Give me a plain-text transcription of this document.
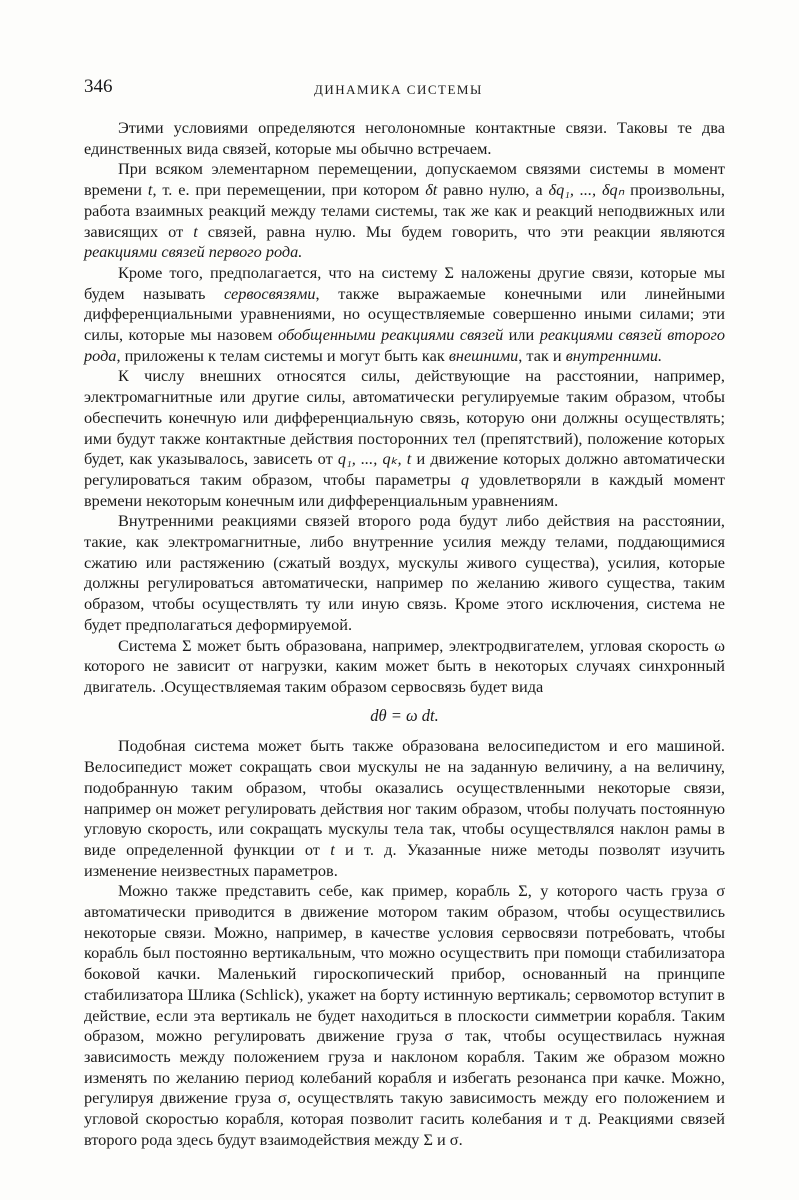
346	ДИНАМИКА СИСТЕМЫ

Этими условиями определяются неголономные контактные связи. Таковы те два единственных вида связей, которые мы обычно встречаем.

При всяком элементарном перемещении, допускаемом связями системы в момент времени t, т. е. при перемещении, при котором δt равно нулю, а δq₁, ..., δqₙ произвольны, работа взаимных реакций между телами системы, так же как и реакций неподвижных или зависящих от t связей, равна нулю. Мы будем говорить, что эти реакции являются реакциями связей первого рода.

Кроме того, предполагается, что на систему Σ наложены другие связи, которые мы будем называть сервосвязями, также выражаемые конечными или линейными дифференциальными уравнениями, но осуществляемые совершенно иными силами; эти силы, которые мы назовем обобщенными реакциями связей или реакциями связей второго рода, приложены к телам системы и могут быть как внешними, так и внутренними.

К числу внешних относятся силы, действующие на расстоянии, например, электромагнитные или другие силы, автоматически регулируемые таким образом, чтобы обеспечить конечную или дифференциальную связь, которую они должны осуществлять; ими будут также контактные действия посторонних тел (препятствий), положение которых будет, как указывалось, зависеть от q₁, ..., qₖ, t и движение которых должно автоматически регулироваться таким образом, чтобы параметры q удовлетворяли в каждый момент времени некоторым конечным или дифференциальным уравнениям.

Внутренними реакциями связей второго рода будут либо действия на расстоянии, такие, как электромагнитные, либо внутренние усилия между телами, поддающимися сжатию или растяжению (сжатый воздух, мускулы живого существа), усилия, которые должны регулироваться автоматически, например по желанию живого существа, таким образом, чтобы осуществлять ту или иную связь. Кроме этого исключения, система не будет предполагаться деформируемой.

Система Σ может быть образована, например, электродвигателем, угловая скорость ω которого не зависит от нагрузки, каким может быть в некоторых случаях синхронный двигатель. .Осуществляемая таким образом сервосвязь будет вида

dθ = ω dt.

Подобная система может быть также образована велосипедистом и его машиной. Велосипедист может сокращать свои мускулы не на заданную величину, а на величину, подобранную таким образом, чтобы оказались осуществленными некоторые связи, например он может регулировать действия ног таким образом, чтобы получать постоянную угловую скорость, или сокращать мускулы тела так, чтобы осуществлялся наклон рамы в виде определенной функции от t и т. д. Указанные ниже методы позволят изучить изменение неизвестных параметров.

Можно также представить себе, как пример, корабль Σ, у которого часть груза σ автоматически приводится в движение мотором таким образом, чтобы осуществились некоторые связи. Можно, например, в качестве условия сервосвязи потребовать, чтобы корабль был постоянно вертикальным, что можно осуществить при помощи стабилизатора боковой качки. Маленький гироскопический прибор, основанный на принципе стабилизатора Шлика (Schlick), укажет на борту истинную вертикаль; сервомотор вступит в действие, если эта вертикаль не будет находиться в плоскости симметрии корабля. Таким образом, можно регулировать движение груза σ так, чтобы осуществилась нужная зависимость между положением груза и наклоном корабля. Таким же образом можно изменять по желанию период колебаний корабля и избегать резонанса при качке. Можно, регулируя движение груза σ, осуществлять такую зависимость между его положением и угловой скоростью корабля, которая позволит гасить колебания и т д. Реакциями связей второго рода здесь будут взаимодействия между Σ и σ.
